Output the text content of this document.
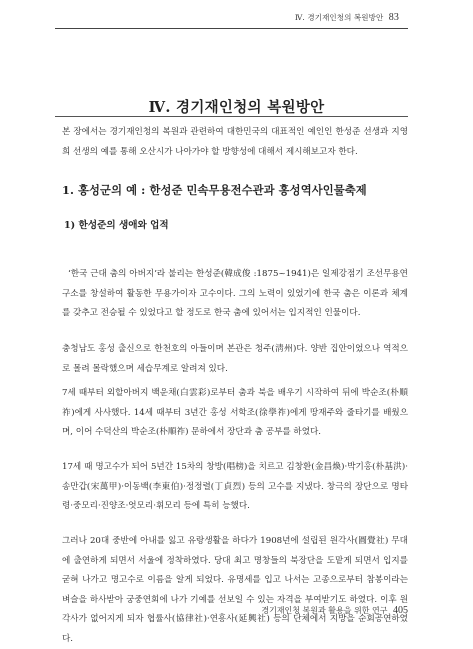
Ⅳ. 경기재인청의 복원방안 83
Ⅳ. 경기재인청의 복원방안

본 장에서는 경기재인청의 복원과 관련하여 대한민국의 대표적인 예인인 한성준 선생과 지영희 선생의 예를 통해 오산시가 나아가야 할 방향성에 대해서 제시해보고자 한다.

1. 홍성군의 예 : 한성준 민속무용전수관과 홍성역사인물축제
1) 한성준의 생애와 업적

‘한국 근대 춤의 아버지’라 불리는 한성준(韓成俊 :1875~1941)은 일제강점기 조선무용연구소를 창설하여 활동한 무용가이자 고수이다. 그의 노력이 있었기에 한국 춤은 이론과 체계를 갖추고 전승될 수 있었다고 할 정도로 한국 춤에 있어서는 입지적인 인물이다.

충청남도 홍성 출신으로 한천호의 아들이며 본관은 청주(淸州)다. 양반 집안이었으나 역적으로 몰려 몰락했으며 세습무계로 알려져 있다.

7세 때부터 외할아버지 백운채(白雲彩)로부터 춤과 북을 배우기 시작하여 뒤에 박순조(朴順祚)에게 사사했다. 14세 때부터 3년간 홍성 서학조(徐學祚)에게 땅재주와 줄타기를 배웠으며, 이어 수덕산의 박순조(朴順祚) 문하에서 장단과 춤 공부를 하였다.

17세 때 명고수가 되어 5년간 15차의 창방(唱榜)을 치르고 김창환(金昌煥)·박기홍(朴基洪)·송만갑(宋萬甲)·이동백(李東伯)·정정렬(丁貞烈) 등의 고수를 지냈다. 창극의 장단으로 명타령·중모리·진양조·엇모리·휘모리 등에 특히 능했다.

그러나 20대 중반에 아내를 잃고 유랑생활을 하다가 1908년에 설립된 원각사(圓覺社) 무대에 출연하게 되면서 서울에 정착하였다. 당대 최고 명창들의 북장단을 도맡게 되면서 입지를 굳혀 나가고 명고수로 이름을 알게 되었다. 유명세를 입고 나서는 고종으로부터 참봉이라는 벼슬을 하사받아 궁중연회에 나가 기예를 선보일 수 있는 자격을 부여받기도 하였다. 이후 원각사가 없어지게 되자 협률사(協律社)·연흥사(延興社) 등의 단체에서 지방을 순회공연하였다.

경기재인청 복원과 활용을 위한 연구 405
